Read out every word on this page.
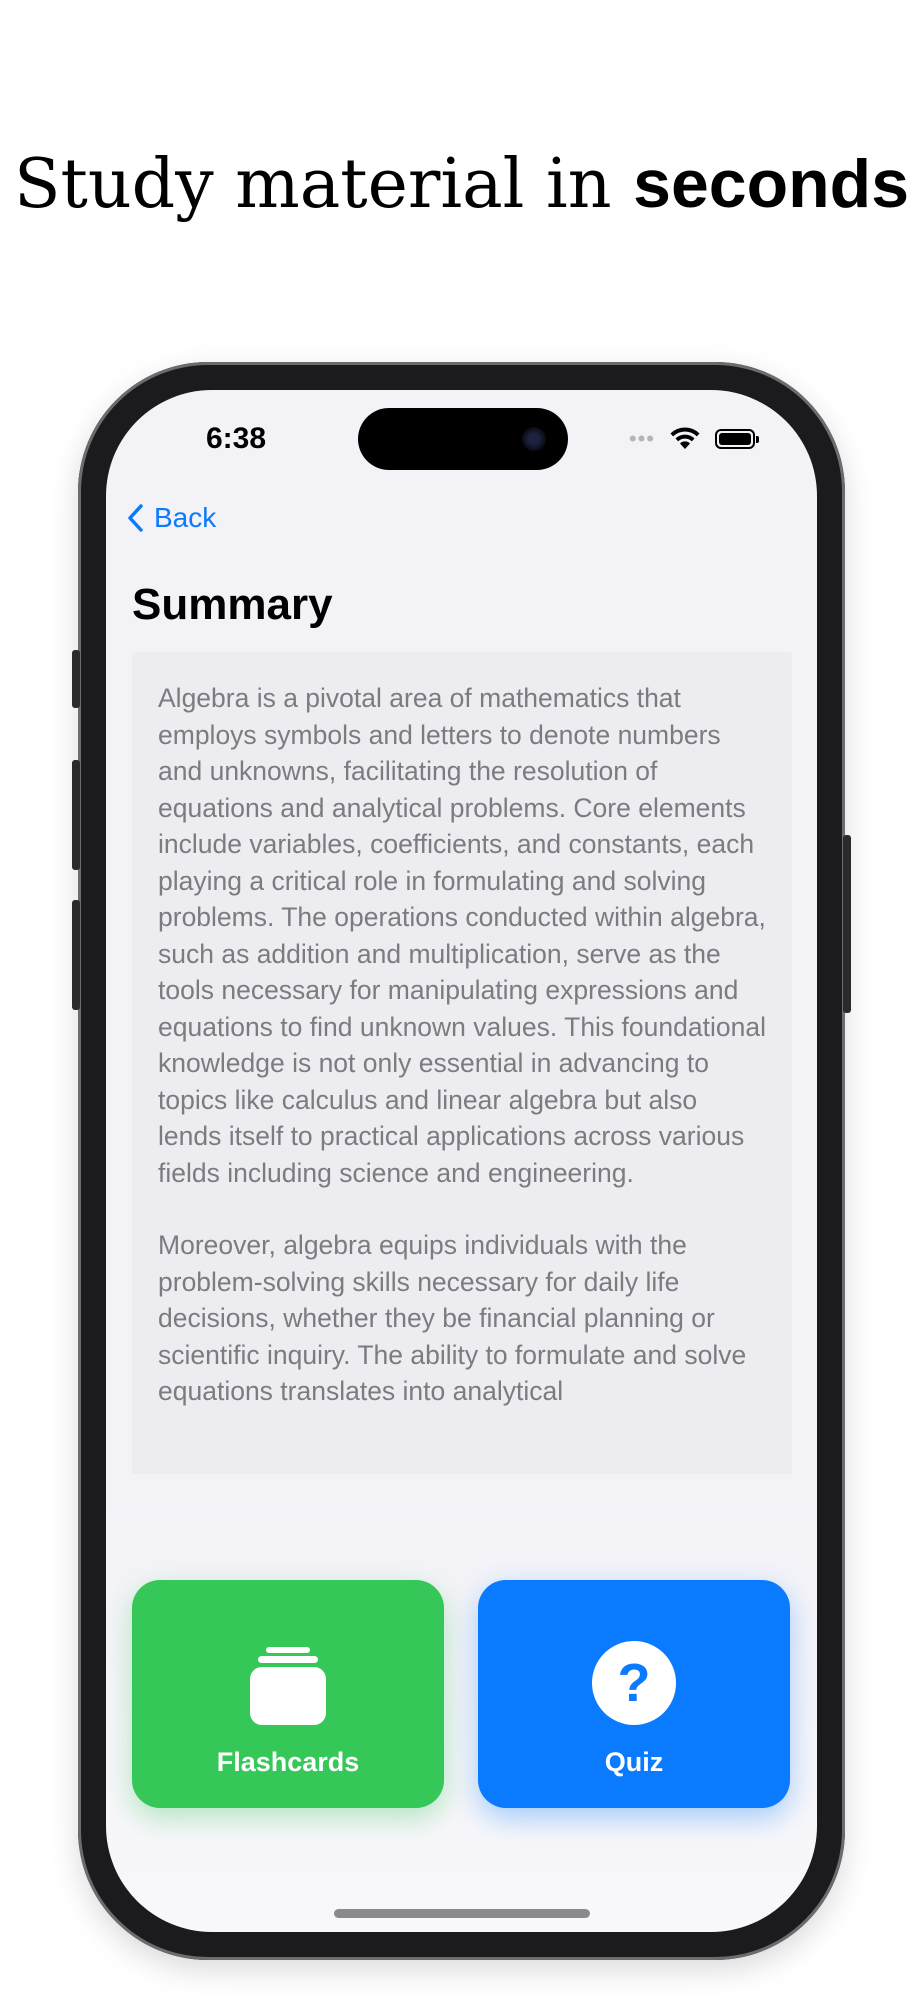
Study material in seconds
6:38	•••
Back
Summary

Algebra is a pivotal area of mathematics that employs symbols and letters to denote numbers and unknowns, facilitating the resolution of equations and analytical problems. Core elements include variables, coefficients, and constants, each playing a critical role in formulating and solving problems. The operations conducted within algebra, such as addition and multiplication, serve as the tools necessary for manipulating expressions and equations to find unknown values. This foundational knowledge is not only essential in advancing to topics like calculus and linear algebra but also lends itself to practical applications across various fields including science and engineering.

Moreover, algebra equips individuals with the problem-solving skills necessary for daily life decisions, whether they be financial planning or scientific inquiry. The ability to formulate and solve equations translates into analytical

Flashcards
?
Quiz
